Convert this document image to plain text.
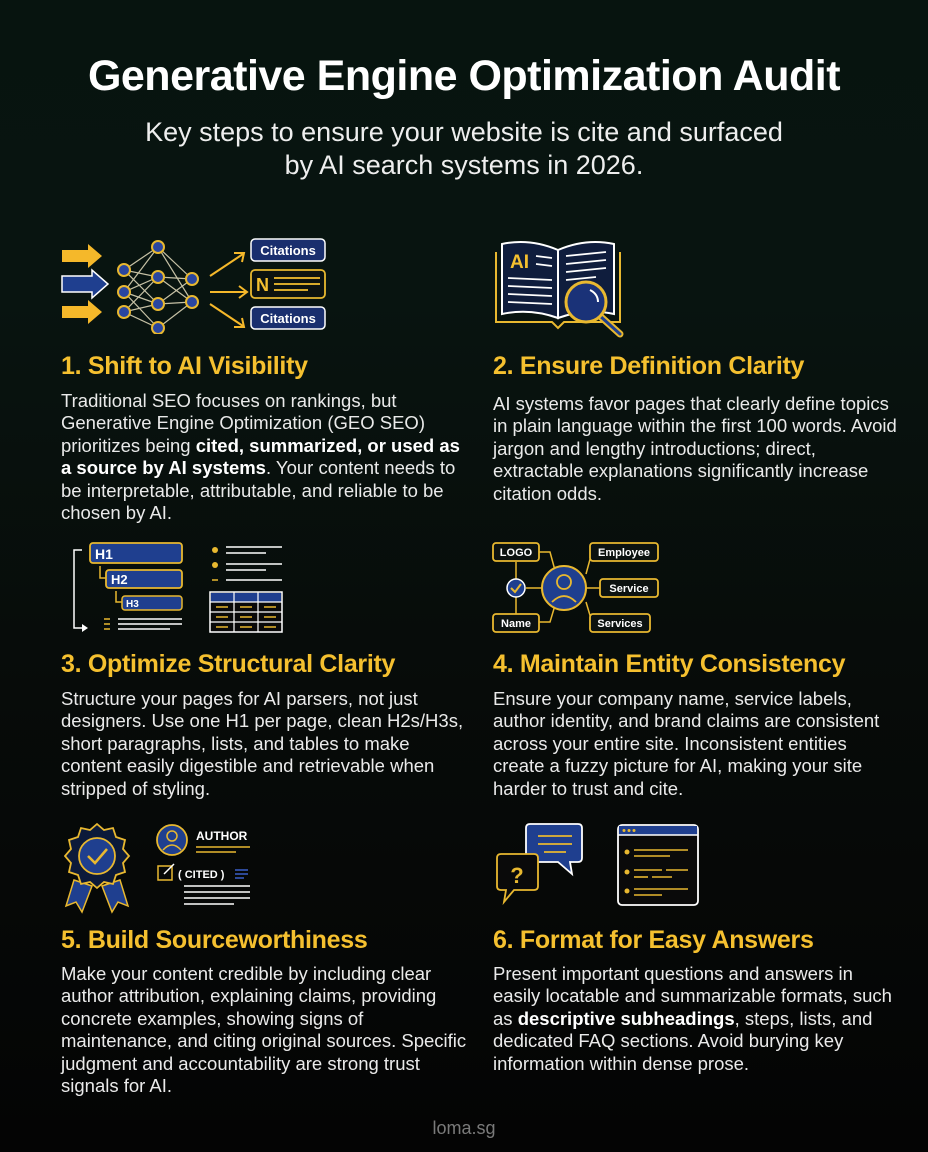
Generative Engine Optimization Audit
Key steps to ensure your website is cite and surfaced
by AI search systems in 2026.
Citations
N
Citations
1. Shift to AI Visibility
Traditional SEO focuses on rankings, but Generative Engine Optimization (GEO SEO) prioritizes being cited, summarized, or used as a source by AI systems. Your content needs to be interpretable, attributable, and reliable to be chosen by AI.
AI
2. Ensure Definition Clarity
AI systems favor pages that clearly define topics in plain language within the first 100 words. Avoid jargon and lengthy introductions; direct, extractable explanations significantly increase citation odds.
H1
H2
H3
3. Optimize Structural Clarity
Structure your pages for AI parsers, not just designers. Use one H1 per page, clean H2s/H3s, short paragraphs, lists, and tables to make content easily digestible and retrievable when stripped of styling.
LOGO
Name
Employee
Service
Services
4. Maintain Entity Consistency
Ensure your company name, service labels, author identity, and brand claims are consistent across your entire site. Inconsistent entities create a fuzzy picture for AI, making your site harder to trust and cite.
AUTHOR
( CITED )
5. Build Sourceworthiness
Make your content credible by including clear author attribution, explaining claims, providing concrete examples, showing signs of maintenance, and citing original sources. Specific judgment and accountability are strong trust signals for AI.
?
6. Format for Easy Answers
Present important questions and answers in easily locatable and summarizable formats, such as descriptive subheadings, steps, lists, and dedicated FAQ sections. Avoid burying key information within dense prose.
loma.sg
